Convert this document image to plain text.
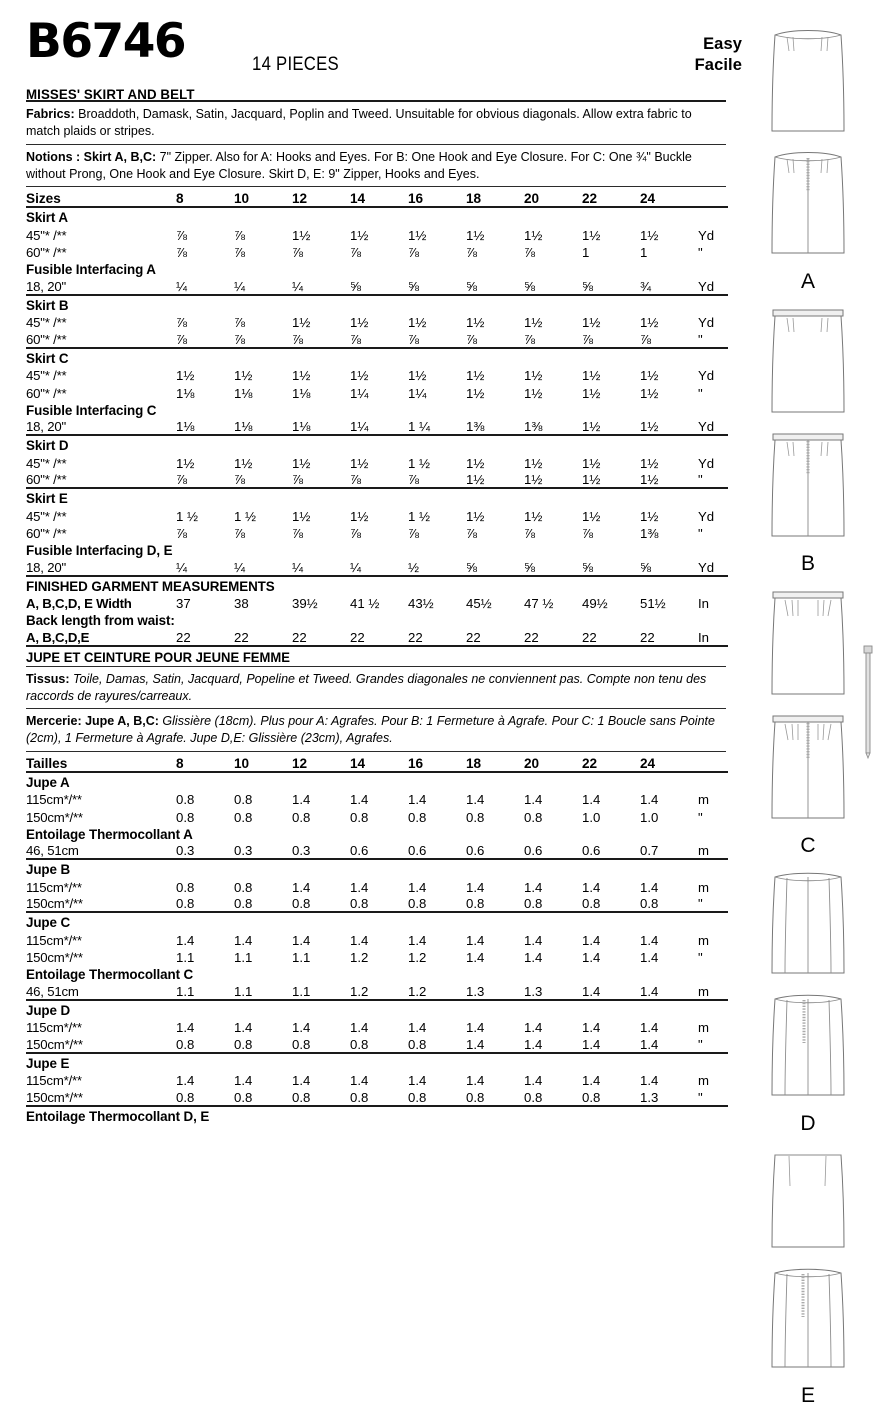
B6746	14 PIECES
Easy
Facile
MISSES' SKIRT AND BELT
Fabrics: Broaddoth, Damask, Satin, Jacquard, Poplin and Tweed. Unsuitable for obvious diagonals. Allow extra fabric to match plaids or stripes.
Notions : Skirt A, B,C: 7" Zipper. Also for A: Hooks and Eyes. For B: One Hook and Eye Closure. For C: One ¾" Buckle without Prong, One Hook and Eye Closure. Skirt D, E: 9" Zipper, Hooks and Eyes.
Sizes	8	10	12	14	16	18	20	22	24	

Skirt A										
45"* /**	⅞	⅞	1½	1½	1½	1½	1½	1½	1½	Yd
60"* /**	⅞	⅞	⅞	⅞	⅞	⅞	⅞	1	1	"
Fusible Interfacing A										
18, 20"	¼	¼	¼	⅝	⅝	⅝	⅝	⅝	¾	Yd

Skirt B										
45"* /**	⅞	⅞	1½	1½	1½	1½	1½	1½	1½	Yd
60"* /**	⅞	⅞	⅞	⅞	⅞	⅞	⅞	⅞	⅞	"

Skirt C										
45"* /**	1½	1½	1½	1½	1½	1½	1½	1½	1½	Yd
60"* /**	1⅛	1⅛	1⅛	1¼	1¼	1½	1½	1½	1½	"
Fusible Interfacing C										
18, 20"	1⅛	1⅛	1⅛	1¼	1 ¼	1⅜	1⅜	1½	1½	Yd

Skirt D										
45"* /**	1½	1½	1½	1½	1 ½	1½	1½	1½	1½	Yd
60"* /**	⅞	⅞	⅞	⅞	⅞	1½	1½	1½	1½	"

Skirt E										
45"* /**	1 ½	1 ½	1½	1½	1 ½	1½	1½	1½	1½	Yd
60"* /**	⅞	⅞	⅞	⅞	⅞	⅞	⅞	⅞	1⅜	"
Fusible Interfacing D, E										
18, 20"	¼	¼	¼	¼	½	⅝	⅝	⅝	⅝	Yd

FINISHED GARMENT MEASUREMENTS										
A, B,C,D, E Width	37	38	39½	41 ½	43½	45½	47 ½	49½	51½	In
Back length from waist:										
A, B,C,D,E	22	22	22	22	22	22	22	22	22	In

JUPE ET CEINTURE POUR JEUNE FEMME
Tissus: Toile, Damas, Satin, Jacquard, Popeline et Tweed. Grandes diagonales ne conviennent pas. Compte non tenu des raccords de rayures/carreaux.
Mercerie: Jupe A, B,C: Glissière (18cm). Plus pour A: Agrafes. Pour B: 1 Fermeture à Agrafe. Pour C: 1 Boucle sans Pointe (2cm), 1 Fermeture à Agrafe. Jupe D,E: Glissière (23cm), Agrafes.
Tailles	8	10	12	14	16	18	20	22	24	

Jupe A										
115cm*/**	0.8	0.8	1.4	1.4	1.4	1.4	1.4	1.4	1.4	m
150cm*/**	0.8	0.8	0.8	0.8	0.8	0.8	0.8	1.0	1.0	"
Entoilage Thermocollant A										
46, 51cm	0.3	0.3	0.3	0.6	0.6	0.6	0.6	0.6	0.7	m

Jupe B										
115cm*/**	0.8	0.8	1.4	1.4	1.4	1.4	1.4	1.4	1.4	m
150cm*/**	0.8	0.8	0.8	0.8	0.8	0.8	0.8	0.8	0.8	"

Jupe C										
115cm*/**	1.4	1.4	1.4	1.4	1.4	1.4	1.4	1.4	1.4	m
150cm*/**	1.1	1.1	1.1	1.2	1.2	1.4	1.4	1.4	1.4	"
Entoilage Thermocollant C										
46, 51cm	1.1	1.1	1.1	1.2	1.2	1.3	1.3	1.4	1.4	m

Jupe D										
115cm*/**	1.4	1.4	1.4	1.4	1.4	1.4	1.4	1.4	1.4	m
150cm*/**	0.8	0.8	0.8	0.8	0.8	1.4	1.4	1.4	1.4	"

Jupe E										
115cm*/**	1.4	1.4	1.4	1.4	1.4	1.4	1.4	1.4	1.4	m
150cm*/**	0.8	0.8	0.8	0.8	0.8	0.8	0.8	0.8	1.3	"

Entoilage Thermocollant D, E										
A
B
C
D
E
